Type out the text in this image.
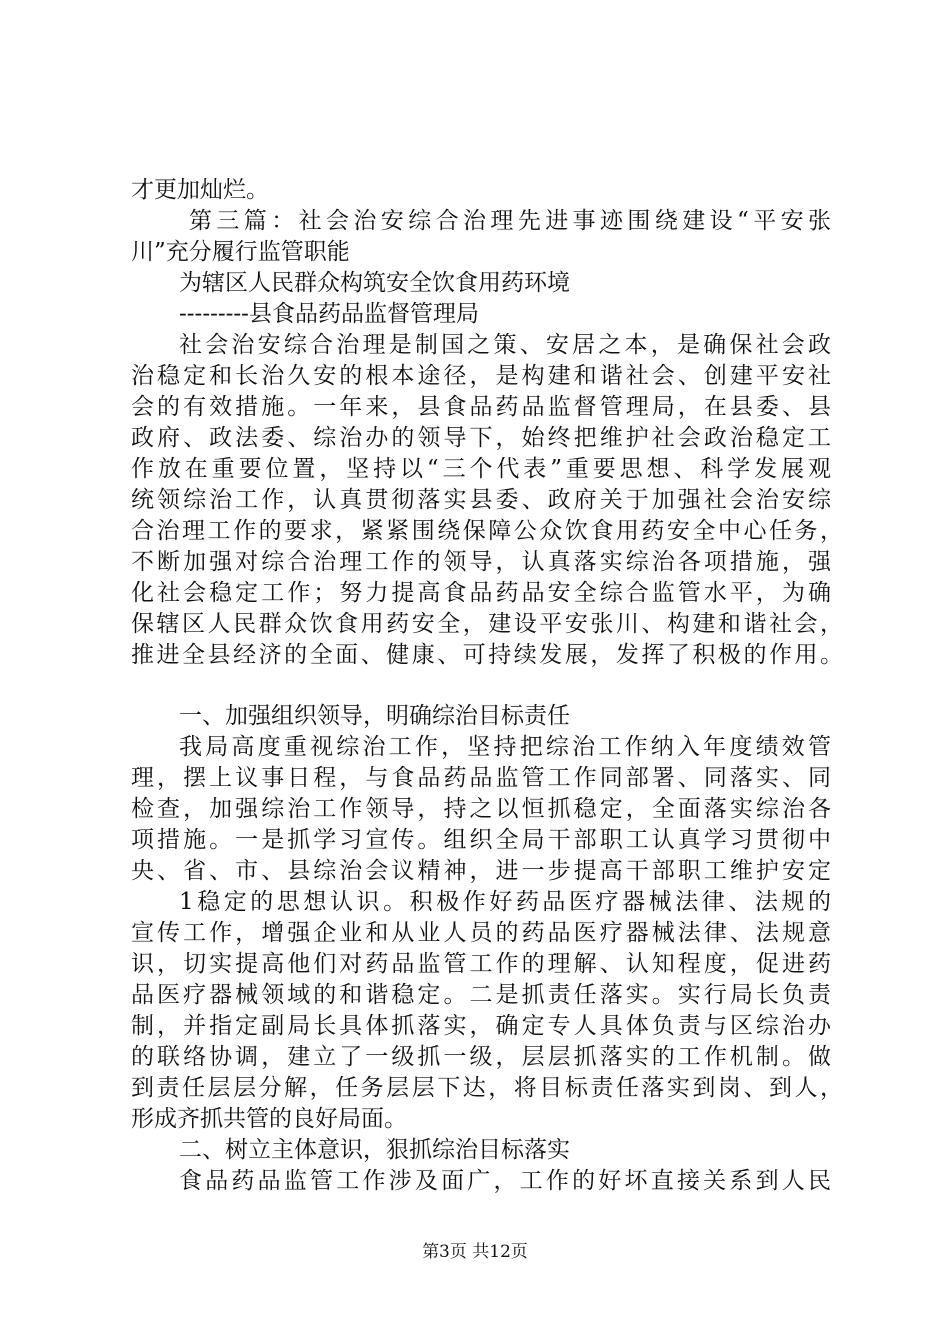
才更加灿烂。
第三篇：社会治安综合治理先进事迹围绕建设“平安张
川”充分履行监管职能
为辖区人民群众构筑安全饮食用药环境
---------县食品药品监督管理局
社会治安综合治理是制国之策、安居之本，是确保社会政
治稳定和长治久安的根本途径，是构建和谐社会、创建平安社
会的有效措施。一年来，县食品药品监督管理局，在县委、县
政府、政法委、综治办的领导下，始终把维护社会政治稳定工
作放在重要位置，坚持以“三个代表”重要思想、科学发展观
统领综治工作，认真贯彻落实县委、政府关于加强社会治安综
合治理工作的要求，紧紧围绕保障公众饮食用药安全中心任务，
不断加强对综合治理工作的领导，认真落实综治各项措施，强
化社会稳定工作；努力提高食品药品安全综合监管水平，为确
保辖区人民群众饮食用药安全，建设平安张川、构建和谐社会，
推进全县经济的全面、健康、可持续发展，发挥了积极的作用。
一、加强组织领导，明确综治目标责任
我局高度重视综治工作，坚持把综治工作纳入年度绩效管
理，摆上议事日程，与食品药品监管工作同部署、同落实、同
检查，加强综治工作领导，持之以恒抓稳定，全面落实综治各
项措施。一是抓学习宣传。组织全局干部职工认真学习贯彻中
央、省、市、县综治会议精神，进一步提高干部职工维护安定
1稳定的思想认识。积极作好药品医疗器械法律、法规的
宣传工作，增强企业和从业人员的药品医疗器械法律、法规意
识，切实提高他们对药品监管工作的理解、认知程度，促进药
品医疗器械领域的和谐稳定。二是抓责任落实。实行局长负责
制，并指定副局长具体抓落实，确定专人具体负责与区综治办
的联络协调，建立了一级抓一级，层层抓落实的工作机制。做
到责任层层分解，任务层层下达，将目标责任落实到岗、到人，
形成齐抓共管的良好局面。
二、树立主体意识，狠抓综治目标落实
食品药品监管工作涉及面广，工作的好坏直接关系到人民
第3页 共12页
